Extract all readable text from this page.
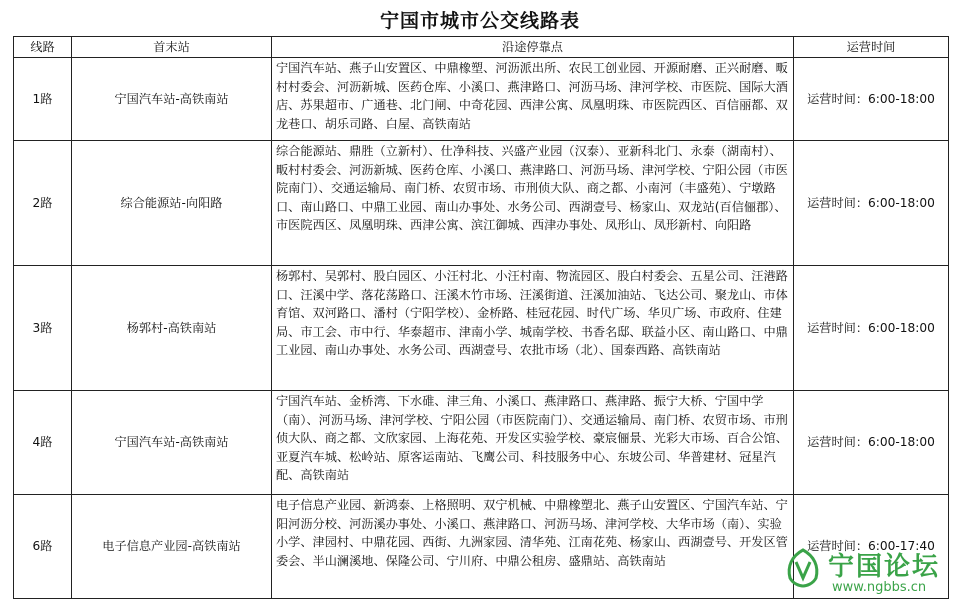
宁国市城市公交线路表
线路	首末站	沿途停靠点	运营时间
1路	宁国汽车站-高铁南站	宁国汽车站、燕子山安置区、中鼎橡塑、河沥派出所、农民工创业园、开源耐磨、正兴耐磨、畈村村委会、河沥新城、医药仓库、小溪口、燕津路口、河沥马场、津河学校、市医院、国际大酒店、苏果超市、广通巷、北门闸、中奇花园、西津公寓、凤凰明珠、市医院西区、百信丽都、双龙巷口、胡乐司路、白屋、高铁南站	运营时间：6:00-18:00
2路	综合能源站-向阳路	综合能源站、鼎胜（立新村）、仕净科技、兴盛产业园（汉泰）、亚新科北门、永泰（湖南村）、畈村村委会、河沥新城、医药仓库、小溪口、燕津路口、河沥马场、津河学校、宁阳公园（市医院南门）、交通运输局、南门桥、农贸市场、市刑侦大队、商之都、小南河（丰盛苑）、宁墩路口、南山路口、中鼎工业园、南山办事处、水务公司、西湖壹号、杨家山、双龙站(百信俪郡）、市医院西区、凤凰明珠、西津公寓、滨江御城、西津办事处、凤形山、凤形新村、向阳路	运营时间：6:00-18:00
3路	杨郭村-高铁南站	杨郭村、吴郭村、股白园区、小汪村北、小汪村南、物流园区、股白村委会、五星公司、汪港路口、汪溪中学、落花荡路口、汪溪木竹市场、汪溪街道、汪溪加油站、飞达公司、聚龙山、市体育馆、双河路口、潘村（宁阳学校）、金桥路、桂冠花园、时代广场、华贝广场、市政府、住建局、市工会、市中行、华泰超市、津南小学、城南学校、书香名邸、联益小区、南山路口、中鼎工业园、南山办事处、水务公司、西湖壹号、农批市场（北）、国泰西路、高铁南站	运营时间：6:00-18:00
4路	宁国汽车站-高铁南站	宁国汽车站、金桥湾、下水碓、津三角、小溪口、燕津路口、燕津路、振宁大桥、宁国中学（南）、河沥马场、津河学校、宁阳公园（市医院南门）、交通运输局、南门桥、农贸市场、市刑侦大队、商之都、文欣家园、上海花苑、开发区实验学校、豪宸俪景、光彩大市场、百合公馆、亚夏汽车城、松岭站、原客运南站、飞鹰公司、科技服务中心、东坡公司、华普建材、冠星汽配、高铁南站	运营时间：6:00-18:00
6路	电子信息产业园-高铁南站	电子信息产业园、新鸿泰、上格照明、双宁机械、中鼎橡塑北、燕子山安置区、宁国汽车站、宁阳河沥分校、河沥溪办事处、小溪口、燕津路口、河沥马场、津河学校、大华市场（南）、实验小学、津园村、中鼎花园、西街、九洲家园、清华苑、江南花苑、杨家山、西湖壹号、开发区管委会、半山澜溪地、保隆公司、宁川府、中鼎公租房、盛鼎站、高铁南站	运营时间：6:00-17:40
宁国论坛
www.ngbbs.cn
